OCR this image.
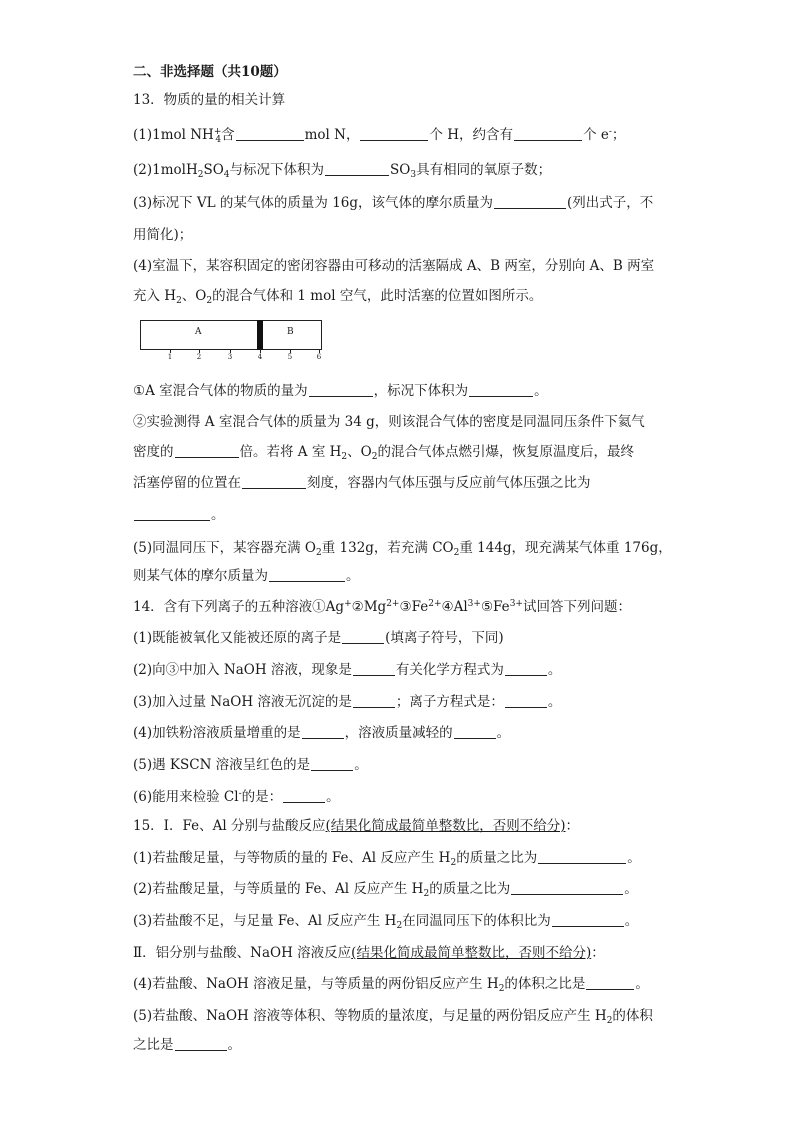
二、非选择题（共10题）
13．物质的量的相关计算
(1)1mol $NH^+_4$含	mol N，	个 H，约含有	个 e-；
$(2)1molH_2SO_4$与标况下体积为	$SO_3$具有相同的氧原子数；
(3)标况下 VL 的某气体的质量为 16g，该气体的摩尔质量为	(列出式子，不
用简化)；
(4)室温下，某容积固定的密闭容器由可移动的活塞隔成 A、B 两室，分别向 A、B 两室
充入 $H_2$、$O_2$的混合气体和 1 mol 空气，此时活塞的位置如图所示。
A	B
1	2	3	4	5	6
①A 室混合气体的物质的量为	，标况下体积为	。
②实验测得 A 室混合气体的质量为 34 g，则该混合气体的密度是同温同压条件下氦气
密度的	倍。若将 A 室 $H_2$、$O_2$的混合气体点燃引爆，恢复原温度后，最终
活塞停留的位置在	刻度，容器内气体压强与反应前气体压强之比为
。
(5)同温同压下，某容器充满 $O_2$重 132g，若充满 $CO_2$重 144g，现充满某气体重 176g，
则某气体的摩尔质量为	。
14．含有下列离子的五种溶液$①Ag^+②Mg^{2+}③Fe^{2+}④Al^{3+}⑤Fe^{3+}$试回答下列问题：
(1)既能被氧化又能被还原的离子是	(填离子符号，下同)
(2)向③中加入 NaOH 溶液，现象是	有关化学方程式为	。
(3)加入过量 NaOH 溶液无沉淀的是	；离子方程式是：	。
(4)加铁粉溶液质量增重的是	，溶液质量减轻的	。
(5)遇 KSCN 溶液呈红色的是	。
(6)能用来检验 Cl-的是：	。
15．Ⅰ．Fe、Al 分别与盐酸反应(结果化简成最简单整数比，否则不给分)：
(1)若盐酸足量，与等物质的量的 Fe、Al 反应产生 $H_2$的质量之比为	。
(2)若盐酸足量，与等质量的 Fe、Al 反应产生 $H_2$的质量之比为	。
(3)若盐酸不足，与足量 Fe、Al 反应产生 $H_2$在同温同压下的体积比为	。
Ⅱ．铝分别与盐酸、NaOH 溶液反应(结果化简成最简单整数比，否则不给分)：
(4)若盐酸、NaOH 溶液足量，与等质量的两份铝反应产生 $H_2$的体积之比是	。
(5)若盐酸、NaOH 溶液等体积、等物质的量浓度，与足量的两份铝反应产生 $H_2$的体积
之比是	。
